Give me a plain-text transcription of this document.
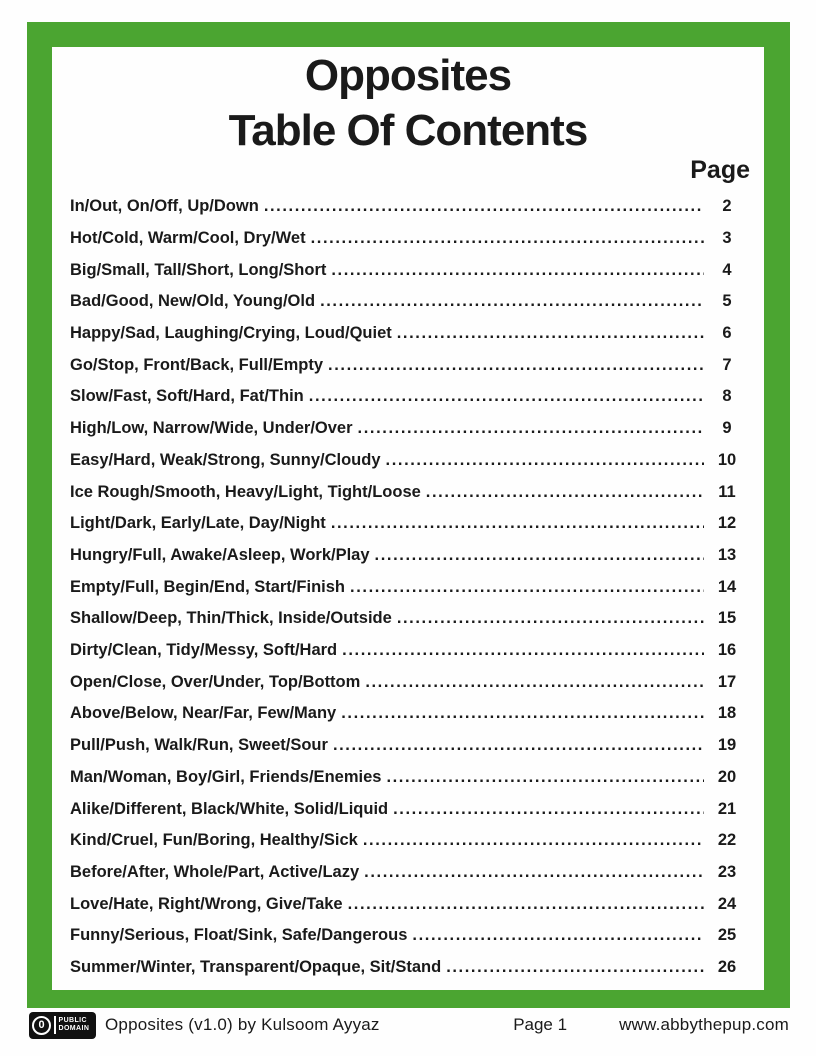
Opposites
Table Of Contents
Page
In/Out, On/Off, Up/Down .....	2
Hot/Cold, Warm/Cool, Dry/Wet .....	3
Big/Small, Tall/Short, Long/Short .....	4
Bad/Good, New/Old, Young/Old .....	5
Happy/Sad, Laughing/Crying, Loud/Quiet .....	6
Go/Stop, Front/Back, Full/Empty .....	7
Slow/Fast, Soft/Hard, Fat/Thin .....	8
High/Low, Narrow/Wide, Under/Over .....	9
Easy/Hard, Weak/Strong, Sunny/Cloudy .....	10
Ice Rough/Smooth, Heavy/Light, Tight/Loose .....	11
Light/Dark, Early/Late, Day/Night .....	12
Hungry/Full, Awake/Asleep, Work/Play .....	13
Empty/Full, Begin/End, Start/Finish .....	14
Shallow/Deep, Thin/Thick, Inside/Outside .....	15
Dirty/Clean, Tidy/Messy, Soft/Hard .....	16
Open/Close, Over/Under, Top/Bottom .....	17
Above/Below, Near/Far, Few/Many .....	18
Pull/Push, Walk/Run, Sweet/Sour .....	19
Man/Woman, Boy/Girl, Friends/Enemies .....	20
Alike/Different, Black/White, Solid/Liquid .....	21
Kind/Cruel, Fun/Boring, Healthy/Sick .....	22
Before/After, Whole/Part, Active/Lazy .....	23
Love/Hate, Right/Wrong, Give/Take .....	24
Funny/Serious, Float/Sink, Safe/Dangerous .....	25
Summer/Winter, Transparent/Opaque, Sit/Stand .....	26
0	PUBLIC
DOMAIN Opposites (v1.0) by Kulsoom Ayyaz	Page 1	www.abbythepup.com
